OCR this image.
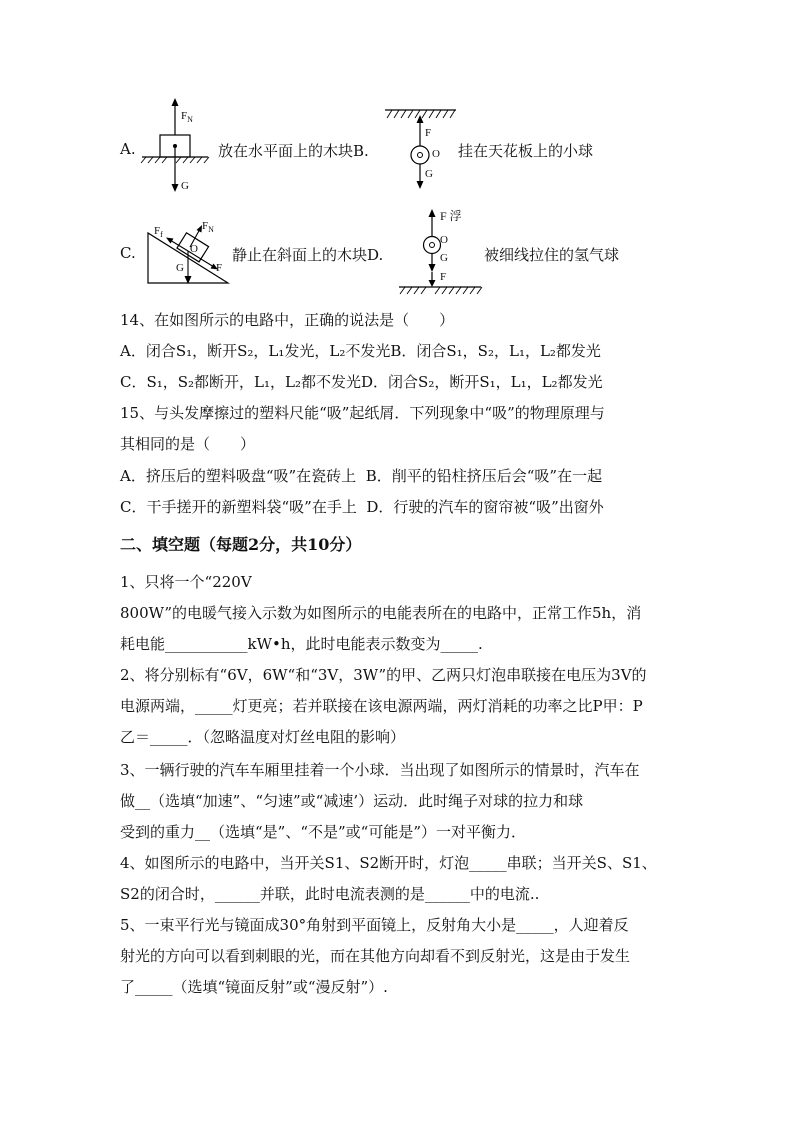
A.
$F_N$
G
放在水平面上的木块B.
F
O
G
挂在天花板上的小球
C.
$F_f$
$F_N$
O
G	F
静止在斜面上的木块D.
F 浮
O
G
F
被细线拉住的氢气球
14、在如图所示的电路中，正确的说法是（　　）
A．闭合S₁，断开S₂，L₁发光，L₂不发光B．闭合S₁，S₂，L₁，L₂都发光
C．S₁，S₂都断开，L₁，L₂都不发光D．闭合S₂，断开S₁，L₁，L₂都发光
15、与头发摩擦过的塑料尺能“吸”起纸屑．下列现象中“吸”的物理原理与
其相同的是（　　）
A．挤压后的塑料吸盘“吸”在瓷砖上 B．削平的铅柱挤压后会“吸”在一起
C．干手搓开的新塑料袋“吸”在手上 D．行驶的汽车的窗帘被“吸”出窗外
二、填空题（每题2分，共10分）
1、只将一个“220V
800W”的电暖气接入示数为如图所示的电能表所在的电路中，正常工作5h，消
耗电能___________kW•h，此时电能表示数变为_____.
2、将分别标有“6V，6W“和“3V，3W”的甲、乙两只灯泡串联接在电压为3V的
电源两端，_____灯更亮；若并联接在该电源两端，两灯消耗的功率之比P甲：P
乙＝_____．（忽略温度对灯丝电阻的影响）
3、一辆行驶的汽车车厢里挂着一个小球．当出现了如图所示的情景时，汽车在
做__（选填“加速”、“匀速”或“减速’）运动．此时绳子对球的拉力和球
受到的重力__（选填“是”、“不是”或“可能是”）一对平衡力．
4、如图所示的电路中，当开关S1、S2断开时，灯泡_____串联；当开关S、S1、
S2的闭合时，______并联，此时电流表测的是______中的电流..
5、一束平行光与镜面成30°角射到平面镜上，反射角大小是_____，人迎着反
射光的方向可以看到刺眼的光，而在其他方向却看不到反射光，这是由于发生
了_____（选填“镜面反射”或“漫反射”）.
